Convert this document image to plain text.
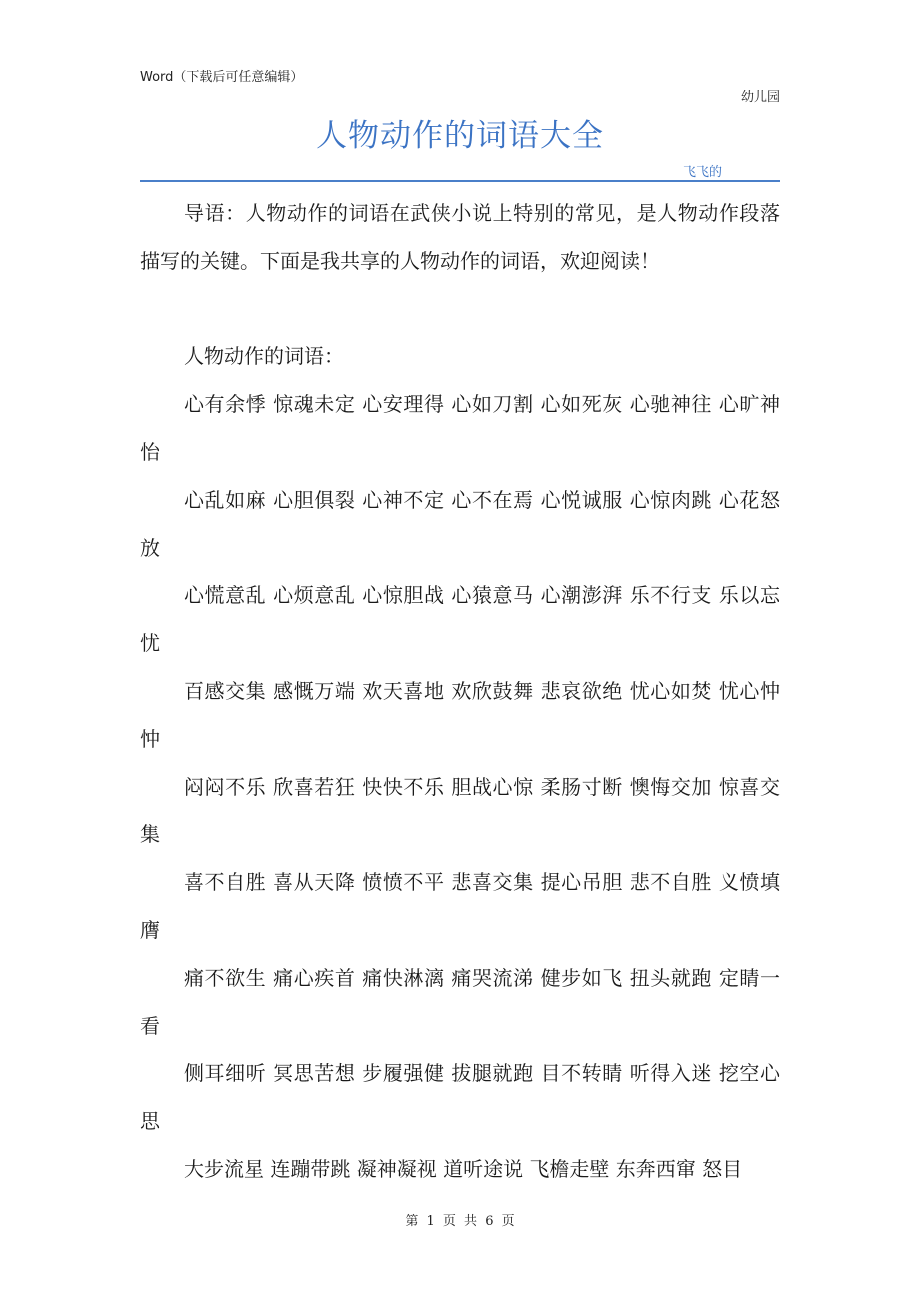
Word（下载后可任意编辑）
幼儿园
人物动作的词语大全
飞飞的

导语：人物动作的词语在武侠小说上特别的常见，是人物动作段落描写的关键。下面是我共享的人物动作的词语，欢迎阅读！

人物动作的词语：

心有余悸 惊魂未定 心安理得 心如刀割 心如死灰 心驰神往 心旷神怡

心乱如麻 心胆俱裂 心神不定 心不在焉 心悦诚服 心惊肉跳 心花怒放

心慌意乱 心烦意乱 心惊胆战 心猿意马 心潮澎湃 乐不行支 乐以忘忧

百感交集 感慨万端 欢天喜地 欢欣鼓舞 悲哀欲绝 忧心如焚 忧心忡忡

闷闷不乐 欣喜若狂 快快不乐 胆战心惊 柔肠寸断 懊悔交加 惊喜交集

喜不自胜 喜从天降 愤愤不平 悲喜交集 提心吊胆 悲不自胜 义愤填膺

痛不欲生 痛心疾首 痛快淋漓 痛哭流涕 健步如飞 扭头就跑 定睛一看

侧耳细听 冥思苦想 步履强健 拔腿就跑 目不转睛 听得入迷 挖空心思

大步流星 连蹦带跳 凝神凝视 道听途说 飞檐走壁 东奔西窜 怒目

第 1 页 共 6 页
